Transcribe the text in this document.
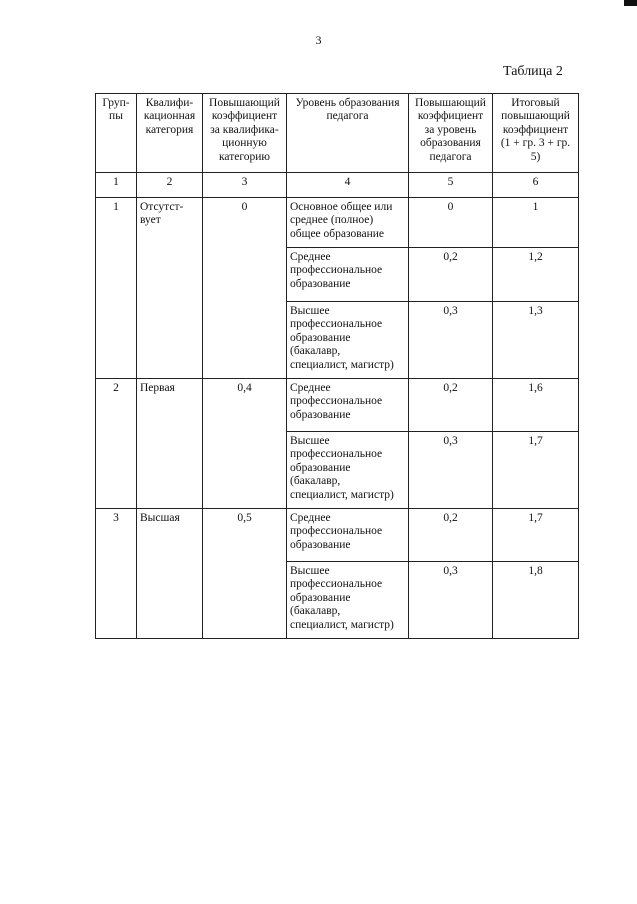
3
Таблица 2
Груп-
пы	Квалифи-
кационная
категория	Повышающий
коэффициент
за квалифика-
ционную
категорию	Уровень образования
педагога	Повышающий
коэффициент
за уровень
образования
педагога	Итоговый
повышающий
коэффициент
(1 + гр. 3 + гр.
5)
1	2	3	4	5	6
1	Отсутст-
вует	0	Основное общее или
среднее (полное)
общее образование	0	1
			Среднее
профессиональное
образование	0,2	1,2
			Высшее
профессиональное
образование
(бакалавр,
специалист, магистр)	0,3	1,3
2	Первая	0,4	Среднее
профессиональное
образование	0,2	1,6
			Высшее
профессиональное
образование
(бакалавр,
специалист, магистр)	0,3	1,7
3	Высшая	0,5	Среднее
профессиональное
образование	0,2	1,7
			Высшее
профессиональное
образование
(бакалавр,
специалист, магистр)	0,3	1,8
